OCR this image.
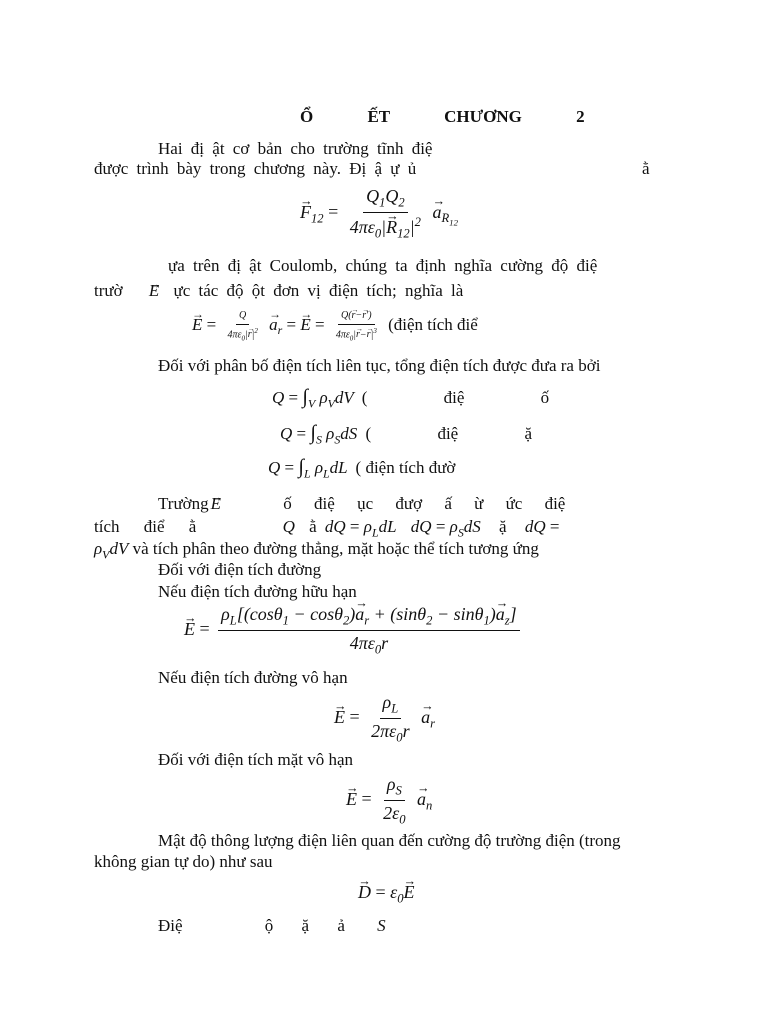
Ổ ẾT CHƯƠNG 2
Hai đị ật cơ bản cho trường tĩnh điệ
được trình bày trong chương này. Đị ậ ự ủ	ằ
→ $F_{12} = \frac{Q_1Q_2}{4\pi\varepsilon_0|\to R_{12}|^2}$
→ $a_{R_{12}}$
ựa trên đị ật Coulomb, chúng ta định nghĩa cường độ điệ
trườ → E ực tác độ ột đơn vị điện tích; nghĩa là
→ $E = \frac{Q}{4\pi\varepsilon_0|\to r|^2}$
→ $a_r$ = → $E = \frac{Q(\to r-\to r')}{4\pi\varepsilon_0|\to r-\to r|^3}$ (điện tích điể
Đối với phân bố điện tích liên tục, tổng điện tích được đưa ra bởi
$Q = \int_V$ $\rho_VdV$ ( điệ ố
$Q = \int_S$ $\rho_SdS$ ( điệ ặ
$Q = \int_L$ $\rho_LdL$ ( điện tích đườ
Trường→ E	ố điệ ục đượ ấ ừ ức điệ
tích điể ằ	Q ằ dQ = $\rho_LdL$ dQ = $\rho_SdS$ ặ dQ =
$\rho_VdV$ và tích phân theo đường thẳng, mặt hoặc thể tích tương ứng
Đối với điện tích đường
Nếu điện tích đường hữu hạn
→ $E = \frac{\rho_L[(\cos\theta_1 - \cos\theta_2)\to a_r + (\sin\theta_2 - \sin\theta_1)\to a_z]}{4\pi\varepsilon_0r}$
Nếu điện tích đường vô hạn
→ $E = \frac{\rho_L}{2\pi\varepsilon_0r}$
→ $a_r$
Đối với điện tích mặt vô hạn
→ $E = \frac{\rho_S}{2\varepsilon_0}$
→ $a_n$
Mật độ thông lượng điện liên quan đến cường độ trường điện (trong
không gian tự do) như sau
→ $D = \varepsilon_0\to E$
Điệ	ộ ặ ả S
